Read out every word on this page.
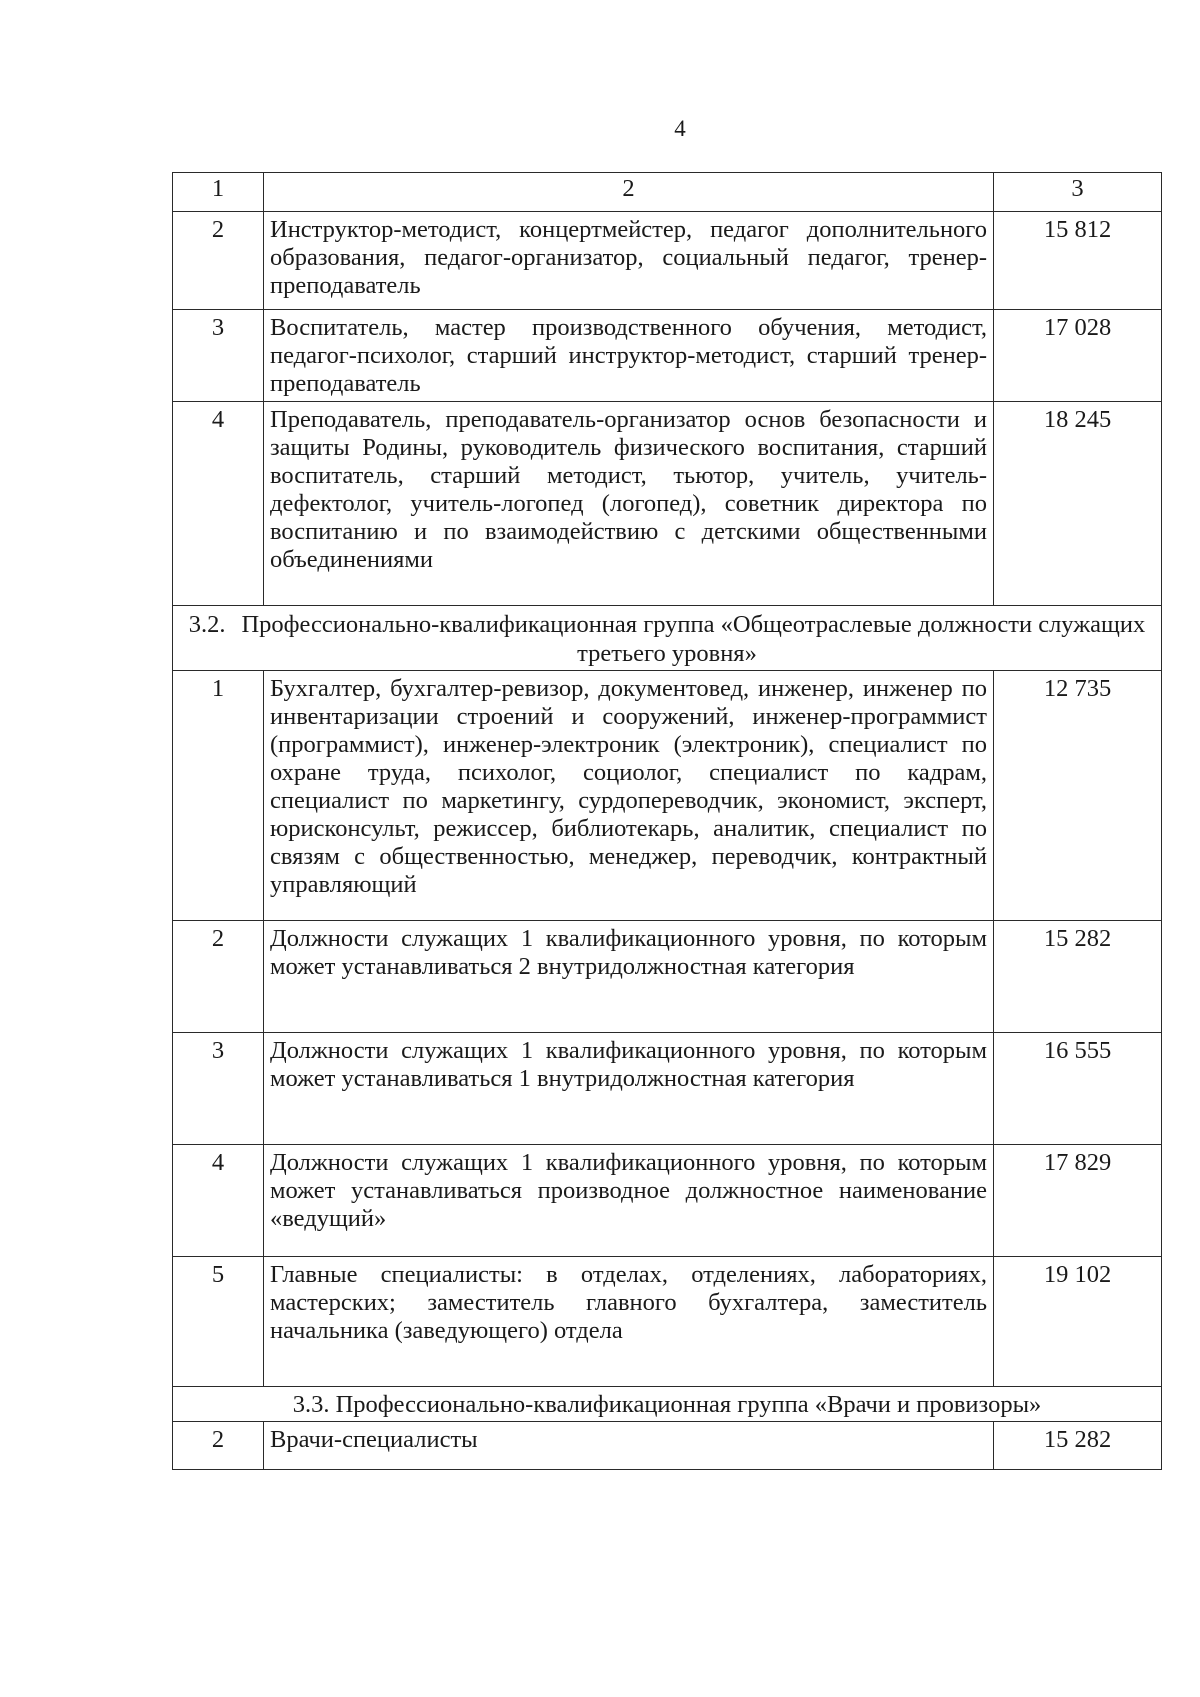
4
1	2	3
2	Инструктор-методист, концертмейстер, педагог дополнительного образования, педагог-организатор, социальный педагог, тренер-преподаватель	15 812
3	Воспитатель, мастер производственного обучения, методист, педагог-психолог, старший инструктор-методист, старший тренер-преподаватель	17 028
4	Преподаватель, преподаватель-организатор основ безопасности и защиты Родины, руководитель физического воспитания, старший воспитатель, старший методист, тьютор, учитель, учитель-дефектолог, учитель-логопед (логопед), советник директора по воспитанию и по взаимодействию с детскими общественными объединениями	18 245
3.2. Профессионально-квалификационная группа «Общеотраслевые должности служащих третьего уровня»		
1	Бухгалтер, бухгалтер-ревизор, документовед, инженер, инженер по инвентаризации строений и сооружений, инженер-программист (программист), инженер-электроник (электроник), специалист по охране труда, психолог, социолог, специалист по кадрам, специалист по маркетингу, сурдопереводчик, экономист, эксперт, юрисконсульт, режиссер, библиотекарь, аналитик, специалист по связям с общественностью, менеджер, переводчик, контрактный управляющий	12 735
2	Должности служащих 1 квалификационного уровня, по которым может устанавливаться 2 внутридолжностная категория	15 282
3	Должности служащих 1 квалификационного уровня, по которым может устанавливаться 1 внутридолжностная категория	16 555
4	Должности служащих 1 квалификационного уровня, по которым может устанавливаться производное должностное наименование «ведущий»	17 829
5	Главные специалисты: в отделах, отделениях, лабораториях, мастерских; заместитель главного бухгалтера, заместитель начальника (заведующего) отдела	19 102
3.3. Профессионально-квалификационная группа «Врачи и провизоры»		
2	Врачи-специалисты	15 282
